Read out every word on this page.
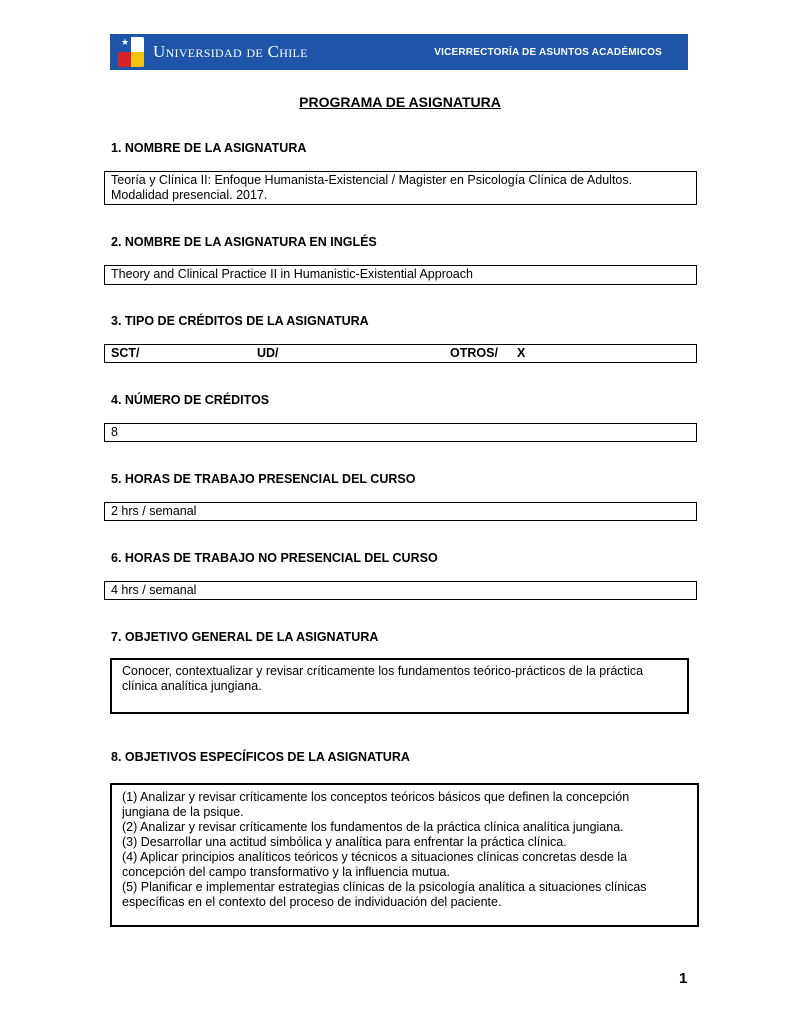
★ Universidad de Chile	VICERRECTORÍA DE ASUNTOS ACADÉMICOS
PROGRAMA DE ASIGNATURA
1. NOMBRE DE LA ASIGNATURA
Teoría y Clínica II: Enfoque Humanista-Existencial / Magister en Psicología Clínica de Adultos.
Modalidad presencial. 2017.
2. NOMBRE DE LA ASIGNATURA EN INGLÉS
Theory and Clinical Practice II in Humanistic-Existential Approach
3. TIPO DE CRÉDITOS DE LA ASIGNATURA
SCT/	UD/	OTROS/ X
4. NÚMERO DE CRÉDITOS
8
5. HORAS DE TRABAJO PRESENCIAL DEL CURSO
2 hrs / semanal
6. HORAS DE TRABAJO NO PRESENCIAL DEL CURSO
4 hrs / semanal
7. OBJETIVO GENERAL DE LA ASIGNATURA
Conocer, contextualizar y revisar críticamente los fundamentos teórico-prácticos de la práctica
clínica analítica jungiana.
8. OBJETIVOS ESPECÍFICOS DE LA ASIGNATURA
(1) Analizar y revisar críticamente los conceptos teóricos básicos que definen la concepción
jungiana de la psique.
(2) Analizar y revisar críticamente los fundamentos de la práctica clínica analítica jungiana.
(3) Desarrollar una actitud simbólica y analítica para enfrentar la práctica clínica.
(4) Aplicar principios analíticos teóricos y técnicos a situaciones clínicas concretas desde la
concepción del campo transformativo y la influencia mutua.
(5) Planificar e implementar estrategias clínicas de la psicología analítica a situaciones clínicas
específicas en el contexto del proceso de individuación del paciente.
1
